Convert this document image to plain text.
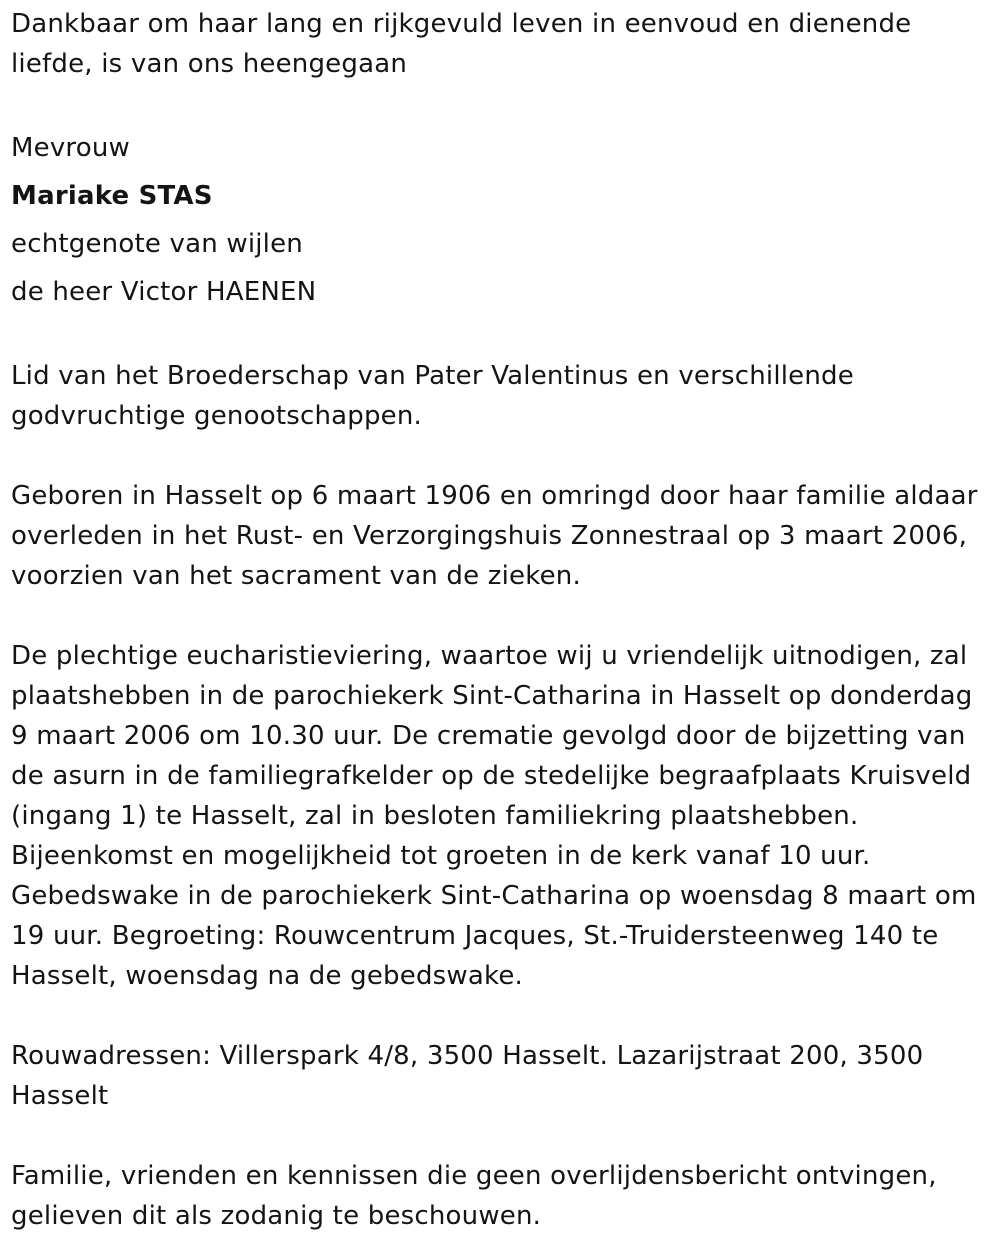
Dankbaar om haar lang en rijkgevuld leven in eenvoud en dienende liefde, is van ons heengegaan

Mevrouw

Mariake STAS

echtgenote van wijlen

de heer Victor HAENEN

Lid van het Broederschap van Pater Valentinus en verschillende godvruchtige genootschappen.

Geboren in Hasselt op 6 maart 1906 en omringd door haar familie aldaar overleden in het Rust- en Verzorgingshuis Zonnestraal op 3 maart 2006, voorzien van het sacrament van de zieken.

De plechtige eucharistieviering, waartoe wij u vriendelijk uitnodigen, zal plaatshebben in de parochiekerk Sint-Catharina in Hasselt op donderdag 9 maart 2006 om 10.30 uur. De crematie gevolgd door de bijzetting van de asurn in de familiegrafkelder op de stedelijke begraafplaats Kruisveld (ingang 1) te Hasselt, zal in besloten familiekring plaatshebben. Bijeenkomst en mogelijkheid tot groeten in de kerk vanaf 10 uur. Gebedswake in de parochiekerk Sint-Catharina op woensdag 8 maart om 19 uur. Begroeting: Rouwcentrum Jacques, St.-Truidersteenweg 140 te Hasselt, woensdag na de gebedswake.

Rouwadressen: Villerspark 4/8, 3500 Hasselt. Lazarijstraat 200, 3500 Hasselt

Familie, vrienden en kennissen die geen overlijdensbericht ontvingen, gelieven dit als zodanig te beschouwen.
